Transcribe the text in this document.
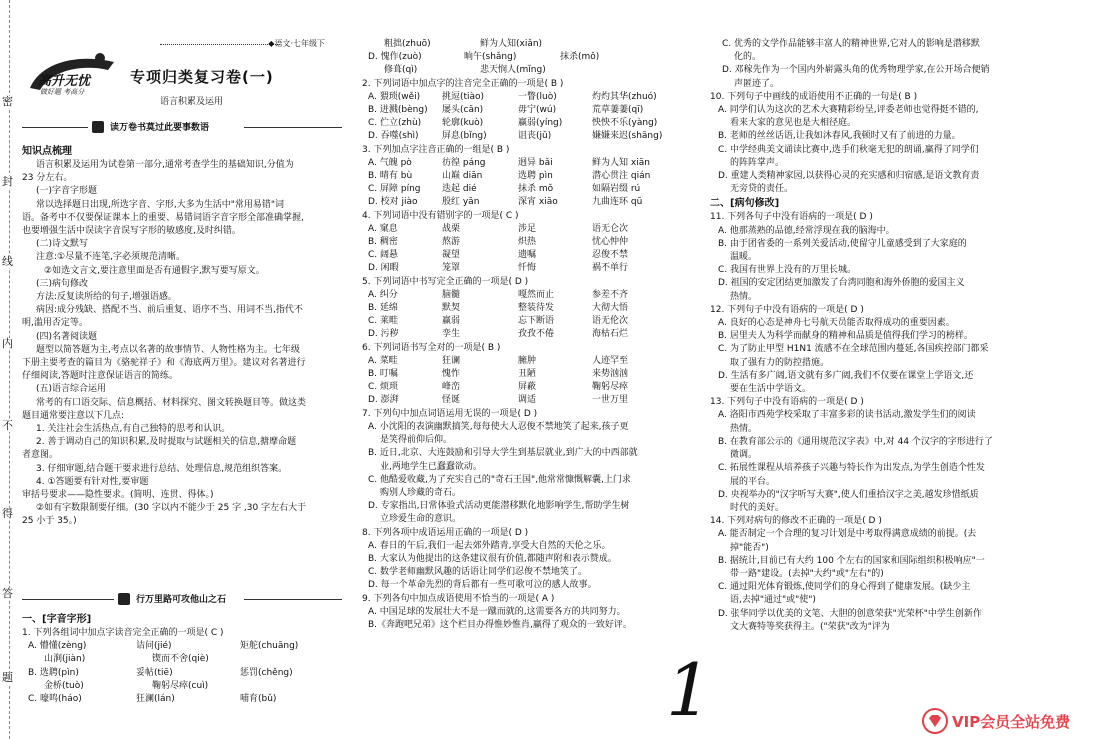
密
封
线
内
不
得
答
题
◆语文·七年级下
高升无忧
做好题 考高分
专项归类复习卷(一)
语言积累及运用
读万卷书莫过此要事数语
知识点梳理
语言积累及运用为试卷第一部分,通常考查学生的基础知识,分值为
23 分左右。
(一)字音字形题
常以选择题日出现,所选字音、字形,大多为生活中"常用易错"词
语。备考中不仅要保证课本上的重要、易错词语字音字形全部准确掌握,
也要增强生活中误读字音误写字形的敏感度,及时纠错。
(二)诗文默写
注意:①尽量不连笔,字必须规范清晰。
②如选文言文,要注意里面是否有通假字,默写要写原文。
(三)病句修改
方法:反复读所给的句子,增强语感。
病因:成分残缺、搭配不当、前后重复、语序不当、用词不当,指代不
明,滥用否定等。
(四)名著阅读题
题型以简答题为主,考点以名著的故事情节、人物性格为主。七年级
下册主要考查的篇目为《骆驼祥子》和《海底两万里》。建议对名著进行
仔细阅读,答题时注意保证语言的简练。
(五)语言综合运用
常考的有口语交际、信息概括、材料探究、图文转换题目等。做这类
题目通常要注意以下几点:
1. 关注社会生活热点,有自己独特的思考和认识。
2. 善于调动自己的知识积累,及时提取与试题相关的信息,搪摩命题
者意图。
3. 仔细审题,结合题干要求进行总结、处理信息,规范组织答案。
4. ①答题要有针对性,要审题
审括号要求——隐性要求。(简明、连贯、得体。)
②如有字数限制要仔细。(30 字以内不能少于 25 字 ,30 字左右大于
25 小于 35。)
行万里路可攻他山之石
一、[字音字形]
1. 下列各组词中加点字读音完全正确的一项是( C )
A. 懵懂(zèng)	诘问(jié)	矩舵(chuāng)
山涧(jiàn)	锲而不舍(qiè)
B. 选聘(pìn)	妥帖(tiē)	惩罚(chěng)
金桥(tuò)	鞠躬尽瘁(cuì)
C. 嚎鸣(háo)	狂澜(lán)	哺育(bǔ)
粗拙(zhuō)	鲜为人知(xiǎn)
D. 愧作(zuò)	晌午(shǎng)	抹杀(mǒ)
修葺(qì)	悲天悯人(mǐng)
2. 下列词语中加点字的注音完全正确的一项是( B )
A. 猥琐(wěi)	挑逗(tiào)	一瞥(luò)	灼灼其华(zhuó)
B. 迸溅(bèng)	屡头(cān)	毋宁(wú)	荒草萋萋(qī)
C. 伫立(zhù)	轮廓(kuò)	赢弱(yíng)	怏怏不乐(yàng)
D. 吞噬(shì)	屏息(bǐng)	诅丧(jǔ)	嫌嫌来迟(shāng)
3. 下列加点字注音正确的一组是( B )
A. 气魄 pò	彷徨 páng	迥异 bǎi	鲜为人知 xiān
B. 晴有 bù	山巅 diān	选聘 pìn	潜心贯注 qián
C. 屏障 píng	迭起 dié	抹杀 mǒ	如隔岩缀 rú
D. 校对 jiào	殷红 yān	深宵 xiāo	九曲连环 qū
4. 下列词语中没有错别字的一项是( C )
A. 窠息	战栗	涉足	语无仑次
B. 稠密	熬游	炽热	忧心忡仲
C. 阔悬	凝望	遗嘱	忍俊不禁
D. 闲暇	笼罩	忏悔	祸不单行
5. 下列词语中书写完全正确的一项是( D )
A. 纠分	脑髓	嘎然而止	参差不齐
B. 延绵	默契	整装待发	大彻大悟
C. 莱畦	赢弱	忘下断语	语无伦次
D. 污秽	孪生	孜孜不倦	海枯石烂
6. 下列词语书写全对的一项是( B )
A. 菜畦	狂谰	臃肿	人迹罕至
B. 叮嘱	愧怍	丑陋	来势汹汹
C. 烦琐	峰峦	屏蔽	鞠躬尽瘁
D. 澎湃	怪诞	调适	一世万里
7. 下列句中加点词语运用无误的一项是( D )
A. 小沈阳的表演幽默搞笑,每每使大人忍俊不禁地笑了起来,孩子更
是笑得前仰后仰。
B. 近日,北京、大连鼓励和引导大学生到基层就业,到广大的中西部就
业,两地学生已蠢蠢欲动。
C. 他酷爱收藏,为了充实自己的"奇石王国",他常常慷慨解囊,上门求
购别人珍藏的奇石。
D. 专家指出,日常体验式活动更能潜移默化地影响学生,帮助学生树
立珍爱生命的意识。
8. 下列各项中成语运用正确的一项是( D )
A. 春日的午后,我们一起去郊外踏青,享受大自然的天伦之乐。
B. 大家认为他提出的这条建议很有价值,都随声附和表示赞成。
C. 数学老师幽默风趣的话语让同学们忍俊不禁地笑了。
D. 每一个革命先烈的背后都有一些可歌可泣的感人故事。
9. 下列各句中加点成语使用不恰当的一项是( A )
A. 中国足球的发展壮大不是一蹴而就的,这需要各方的共同努力。
B.《奔跑吧兄弟》这个栏目办得惟妙惟肖,赢得了观众的一致好评。
1
C. 优秀的文学作品能够丰富人的精神世界,它对人的影响是潜移默
化的。
D. 邓稼先作为一个国内外崭露头角的优秀物理学家,在公开场合便销
声匿迹了。
10. 下列句子中画线的成语使用不正确的一句是( B )
A. 同学们认为这次的艺术大赛精彩纷呈,评委老师也觉得挺不错的,
看来大家的意见也是大相径庭。
B. 老师的丝丝话语,让我如沐春风,我顿时又有了前进的力量。
C. 中学经典美文诵读比赛中,选手们秋毫无犯的朗诵,赢得了同学们
的阵阵掌声。
D. 重建人类精神家园,以获得心灵的充实感和归宿感,是语文教育责
无旁贷的责任。
二、[病句修改]
11. 下列各句子中没有语病的一项是( D )
A. 他那蒸熟的品德,经常浮现在我的脑海中。
B. 由于团省委的一系列关爱活动,使留守儿童感受到了大家庭的
温暖。
C. 我国有世界上没有的万里长城。
D. 祖国的安定团结更加激发了台湾同胞和海外侨胞的爱国主义
热情。
12. 下列句子中没有语病的一项是( D )
A. 良好的心态是神舟七号航天员能否取得成功的重要因素。
B. 居里夫人为科学而献身的精神和品质是值得我们学习的榜样。
C. 为了防止甲型 H1N1 流感不在全球范围内蔓延,各国疾控部门都采
取了强有力的防控措施。
D. 生活有多广阔,语文就有多广阔,我们不仅要在课堂上学语文,还
要在生活中学语文。
13. 下列句子中没有语病的一项是( D )
A. 洛阳市西苑学校采取了丰富多彩的读书活动,激发学生们的阅读
热情。
B. 在教育部公示的《通用规范汉字表》中,对 44 个汉字的字形进行了
微调。
C. 拓展性课程从培养孩子兴趣与特长作为出发点,为学生创造个性发
展的平台。
D. 央视举办的"汉字听写大赛",使人们重拾汉字之美,越发珍惜纸质
时代的美好。
14. 下列对病句的修改不正确的一项是( D )
A. 能否制定一个合理的复习计划是中考取得满意成绩的前提。(去
掉"能否")
B. 据统计,目前已有大约 100 个左右的国家和国际组织积极响应"一
带一路"建设。(去掉"大约"或"左右"的)
C. 通过阳光体育锻炼,使同学们的身心得到了健康发展。(缺少主
语,去掉"通过"或"使")
D. 张华同学以优美的文笔、大胆的创意荣获"光荣杯"中学生创新作
文大赛特等奖获得主。("荣获"改为"评为
VIP会员全站免费
